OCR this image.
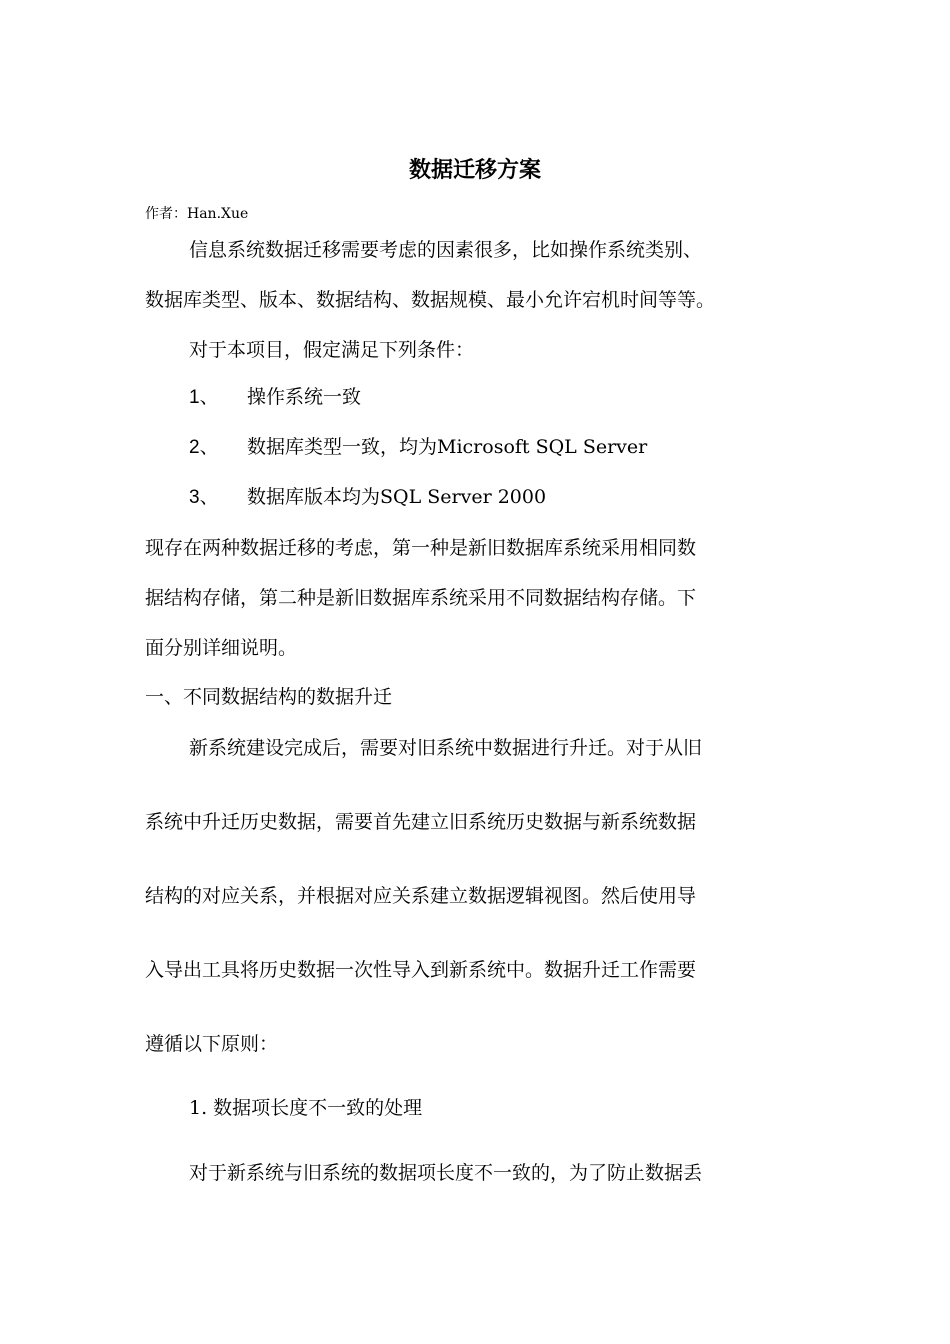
数据迁移方案
作者：Han.Xue
信息系统数据迁移需要考虑的因素很多，比如操作系统类别、
数据库类型、版本、数据结构、数据规模、最小允许宕机时间等等。
对于本项目，假定满足下列条件：
1、 操作系统一致
2、 数据库类型一致，均为Microsoft SQL Server
3、 数据库版本均为SQL Server 2000
现存在两种数据迁移的考虑，第一种是新旧数据库系统采用相同数
据结构存储，第二种是新旧数据库系统采用不同数据结构存储。下
面分别详细说明。
一、不同数据结构的数据升迁
新系统建设完成后，需要对旧系统中数据进行升迁。对于从旧
系统中升迁历史数据，需要首先建立旧系统历史数据与新系统数据
结构的对应关系，并根据对应关系建立数据逻辑视图。然后使用导
入导出工具将历史数据一次性导入到新系统中。数据升迁工作需要
遵循以下原则：
1. 数据项长度不一致的处理
对于新系统与旧系统的数据项长度不一致的，为了防止数据丢
